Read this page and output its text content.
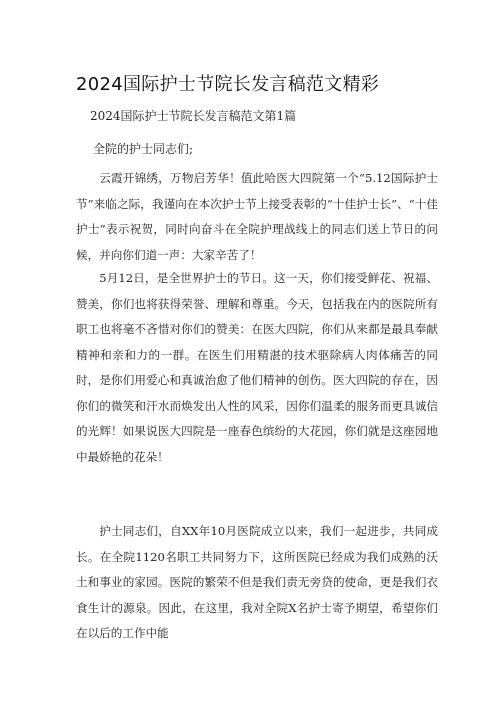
2024国际护士节院长发言稿范文精彩

2024国际护士节院长发言稿范文第1篇

全院的护士同志们;

云霞开锦绣，万物启芳华！值此哈医大四院第一个“5.12国际护士节”来临之际，我谨向在本次护士节上接受表彰的“十佳护士长”、“十佳护士”表示祝贺，同时向奋斗在全院护理战线上的同志们送上节日的问候，并向你们道一声：大家辛苦了！

5月12日，是全世界护士的节日。这一天，你们接受鲜花、祝福、赞美，你们也将获得荣誉、理解和尊重。今天，包括我在内的医院所有职工也将毫不吝惜对你们的赞美：在医大四院，你们从来都是最具奉献精神和亲和力的一群。在医生们用精湛的技术驱除病人肉体痛苦的同时，是你们用爱心和真诚治愈了他们精神的创伤。医大四院的存在，因你们的微笑和汗水而焕发出人性的风采，因你们温柔的服务而更具诚信的光辉！如果说医大四院是一座春色缤纷的大花园，你们就是这座园地中最娇艳的花朵！

护士同志们，自XX年10月医院成立以来，我们一起进步，共同成长。在全院1120名职工共同努力下，这所医院已经成为我们成熟的沃土和事业的家园。医院的繁荣不但是我们责无旁贷的使命，更是我们衣食生计的源泉。因此，在这里，我对全院X名护士寄予期望，希望你们在以后的工作中能
